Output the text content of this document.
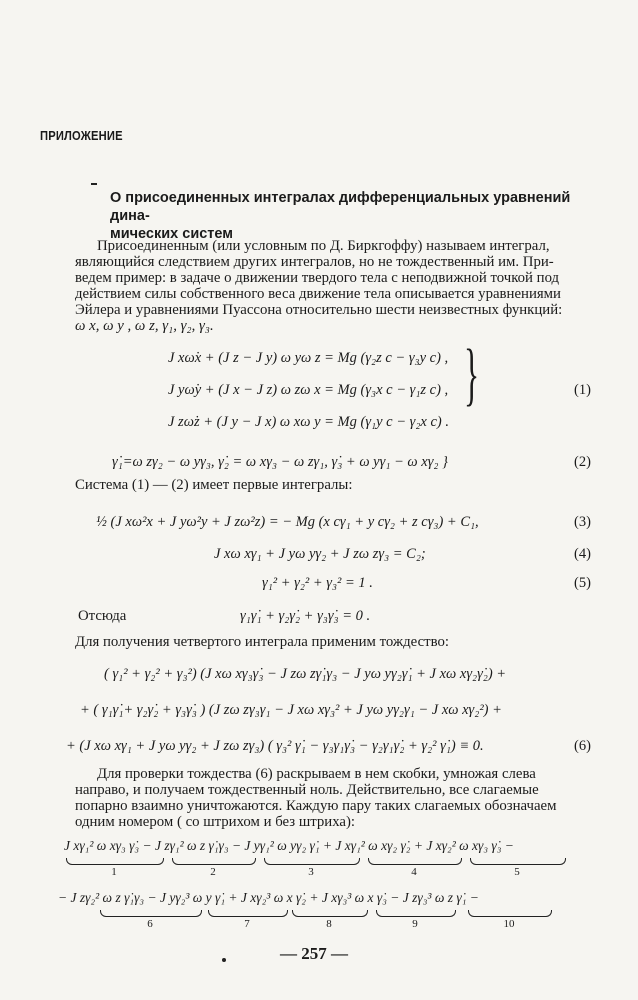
ПРИЛОЖЕНИЕ
О присоединенных интегралах дифференциальных уравнений дина-
мических систем
Присоединенным (или условным по Д. Биркгоффу) называем интеграл,
являющийся следствием других интегралов, но не тождественный им. При-
ведем пример: в задаче о движении твердого тела с неподвижной точкой под
действием силы собственного веса движение тела описывается уравнениями
Эйлера и уравнениями Пуассона относительно шести неизвестных функций:
ω x, ω y , ω z, γ₁, γ₂, γ₃.
J xω̇x + (J z − J y) ω yω z = Mg (γ₂z c − γ₃y c) ,
J yω̇y + (J x − J z) ω zω x = Mg (γ₃x c − γ₁z c) ,
J zω̇z + (J y − J x) ω xω y = Mg (γ₁y c − γ₂x c) .
}	(1)
γ̇₁=ω zγ₂ − ω yγ₃, γ̇₂ = ω xγ₃ − ω zγ₁, γ̇₃ + ω yγ₁ − ω xγ₂ }	(2)
Система (1) — (2) имеет первые интегралы:
½ (J xω²x + J yω²y + J zω²z) = − Mg (x cγ₁ + y cγ₂ + z cγ₃) + C₁,	(3)
J xω xγ₁ + J yω yγ₂ + J zω zγ₃ = C₂;	(4)
γ₁² + γ₂² + γ₃² = 1 .	(5)
Отсюда	γ₁γ̇₁ + γ₂γ̇₂ + γ₃γ̇₃ = 0 .
Для получения четвертого интеграла применим тождество:
( γ₁² + γ₂² + γ₃²) (J xω xγ₃γ̇₃ − J zω zγ̇₁γ₃ − J yω yγ₂γ̇₁ + J xω xγ₂γ̇₂) +
+ ( γ₁γ̇₁+ γ₂γ̇₂ + γ₃γ̇₃ ) (J zω zγ₃γ₁ − J xω xγ₃² + J yω yγ₂γ₁ − J xω xγ₂²) +
+ (J xω xγ₁ + J yω yγ₂ + J zω zγ₃) ( γ₃² γ̇₁ − γ₃γ₁γ̇₃ − γ₂γ₁γ̇₂ + γ₂² γ̇₁) ≡ 0.	(6)
Для проверки тождества (6) раскрываем в нем скобки, умножая слева
направо, и получаем тождественный ноль. Действительно, все слагаемые
попарно взаимно уничтожаются. Каждую пару таких слагаемых обозначаем
одним номером ( со штрихом и без штриха):
J xγ₁² ω xγ₃ γ̇₃ − J zγ₁² ω z γ̇₁γ₃ − J yγ₁² ω yγ₂ γ̇₁ + J xγ₁² ω xγ₂ γ̇₂ + J xγ₂² ω xγ₃ γ̇₃ −
1	2	3	4	5
− J zγ₂² ω z γ̇₁γ₃ − J yγ₂³ ω y γ̇₁ + J xγ₂³ ω x γ̇₂ + J xγ₃³ ω x γ̇₃ − J zγ₃³ ω z γ̇₁ −
6	7	8	9	10
— 257 —
